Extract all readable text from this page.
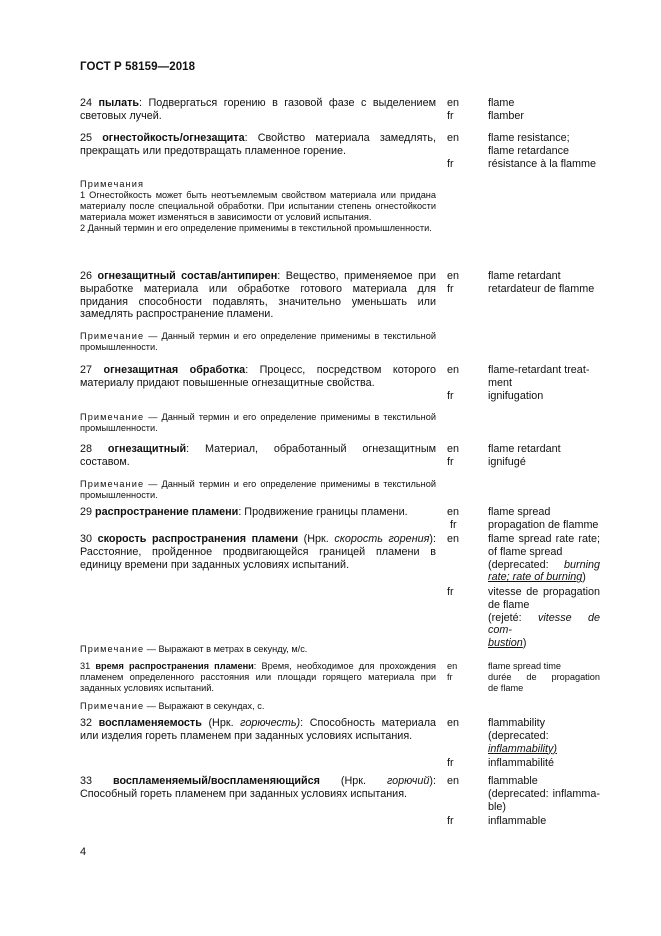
ГОСТ Р 58159—2018
24 пылать: Подвергаться горению в газовой фазе с выделением световых лучей.
en
fr
flame
flamber
25 огнестойкость/огнезащита: Свойство материала замедлять, прекращать или предотвращать пламенное горение.
en
fr
flame resistance;
flame retardance
résistance à la flamme

Примечания

1 Огнестойкость может быть неотъемлемым свойством материала или придана материалу после специальной обработки. При испытании степень огнестойкости материала может изменяться в зависимости от условий испытания.

2 Данный термин и его определение применимы в текстильной промышленности.

26 огнезащитный состав/антипирен: Вещество, применяемое при выработке материала или обработке готового материала для придания способности подавлять, значительно уменьшать или замедлять распространение пламени.
en
fr
flame retardant
retardateur de flamme
Примечание — Данный термин и его определение применимы в текстильной промышленности.
27 огнезащитная обработка: Процесс, посредством которого материалу придают повышенные огнезащитные свойства.
en
fr
flame-retardant treat-
ment
ignifugation
Примечание — Данный термин и его определение применимы в текстильной промышленности.
28 огнезащитный: Материал, обработанный огнезащитным составом.
en
fr
flame retardant
ignifugé
Примечание — Данный термин и его определение применимы в текстильной промышленности.
29 распространение пламени: Продвижение границы пламени.	en
fr
flame spread
propagation de flamme
30 скорость распространения пламени (Нрк. скорость горения): Расстояние, пройденное продвигающейся границей пламени в единицу времени при заданных условиях испытаний.
en
fr
flame spread rate rate;
of flame spread
(deprecated: burning
rate; rate of burning)
vitesse de propagation
de flame
(rejeté: vitesse de com-
bustion)
Примечание — Выражают в метрах в секунду, м/с.
31 время распространения пламени: Время, необходимое для прохождения пламенем определенного расстояния или площади горящего материала при заданных условиях испытаний.
en
fr
flame spread time
durée de propagation
de flame
Примечание — Выражают в секундах, с.
32 воспламеняемость (Нрк. горючесть): Способность материала или изделия гореть пламенем при заданных условиях испытания.
en
fr
flammability
(deprecated:
inflammability)
inflammabilité
33 воспламеняемый/воспламеняющийся (Нрк. горючий): Способный гореть пламенем при заданных условиях испытания.
en
fr
flammable
(deprecated: inflamma-
ble)
inflammable
4
